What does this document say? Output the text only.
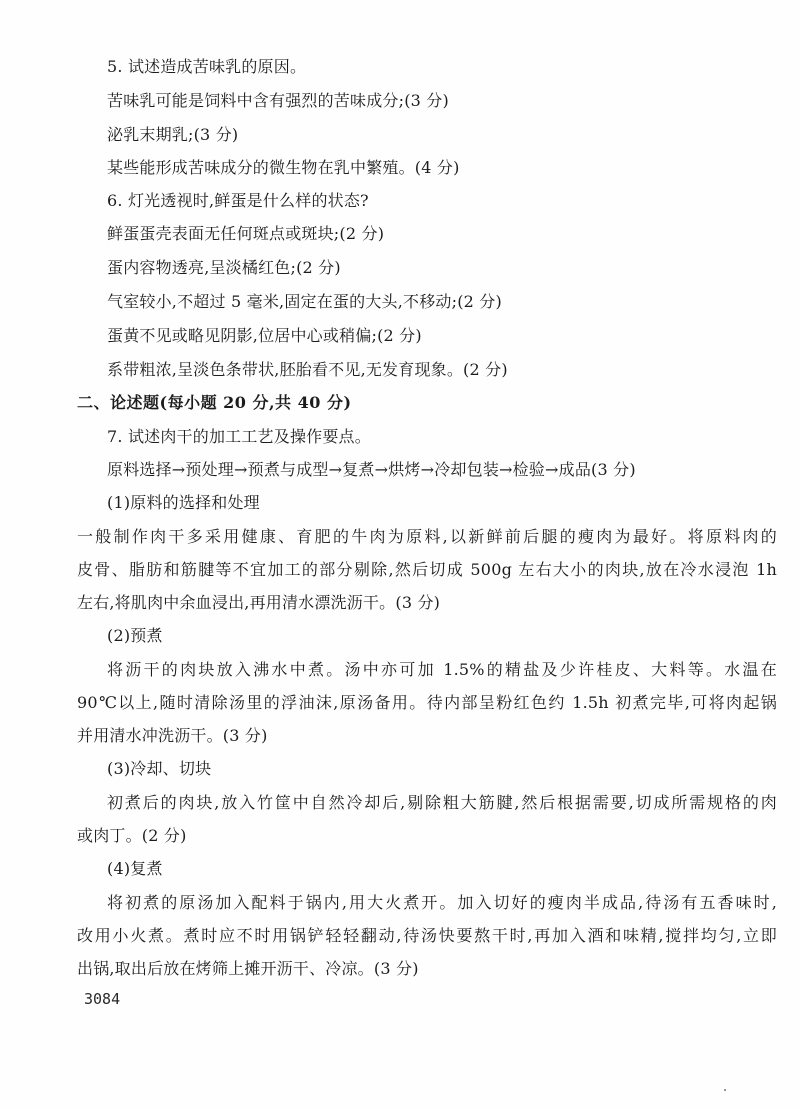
5. 试述造成苦味乳的原因。
苦味乳可能是饲料中含有强烈的苦味成分;(3 分)
泌乳末期乳;(3 分)
某些能形成苦味成分的微生物在乳中繁殖。(4 分)
6. 灯光透视时,鲜蛋是什么样的状态?
鲜蛋蛋壳表面无任何斑点或斑块;(2 分)
蛋内容物透亮,呈淡橘红色;(2 分)
气室较小,不超过 5 毫米,固定在蛋的大头,不移动;(2 分)
蛋黄不见或略见阴影,位居中心或稍偏;(2 分)
系带粗浓,呈淡色条带状,胚胎看不见,无发育现象。(2 分)
二、论述题(每小题 20 分,共 40 分)
7. 试述肉干的加工工艺及操作要点。
原料选择→预处理→预煮与成型→复煮→烘烤→冷却包装→检验→成品(3 分)
(1)原料的选择和处理
一般制作肉干多采用健康、育肥的牛肉为原料,以新鲜前后腿的瘦肉为最好。将原料肉的
皮骨、脂肪和筋腱等不宜加工的部分剔除,然后切成 500g 左右大小的肉块,放在冷水浸泡 1h
左右,将肌肉中余血浸出,再用清水漂洗沥干。(3 分)
(2)预煮
将沥干的肉块放入沸水中煮。汤中亦可加 1.5%的精盐及少许桂皮、大料等。水温在
90℃以上,随时清除汤里的浮油沫,原汤备用。待内部呈粉红色约 1.5h 初煮完毕,可将肉起锅
并用清水冲洗沥干。(3 分)
(3)冷却、切块
初煮后的肉块,放入竹筐中自然冷却后,剔除粗大筋腱,然后根据需要,切成所需规格的肉
或肉丁。(2 分)
(4)复煮
将初煮的原汤加入配料于锅内,用大火煮开。加入切好的瘦肉半成品,待汤有五香味时,
改用小火煮。煮时应不时用锅铲轻轻翻动,待汤快要熬干时,再加入酒和味精,搅拌均匀,立即
出锅,取出后放在烤筛上摊开沥干、冷凉。(3 分)
3084
